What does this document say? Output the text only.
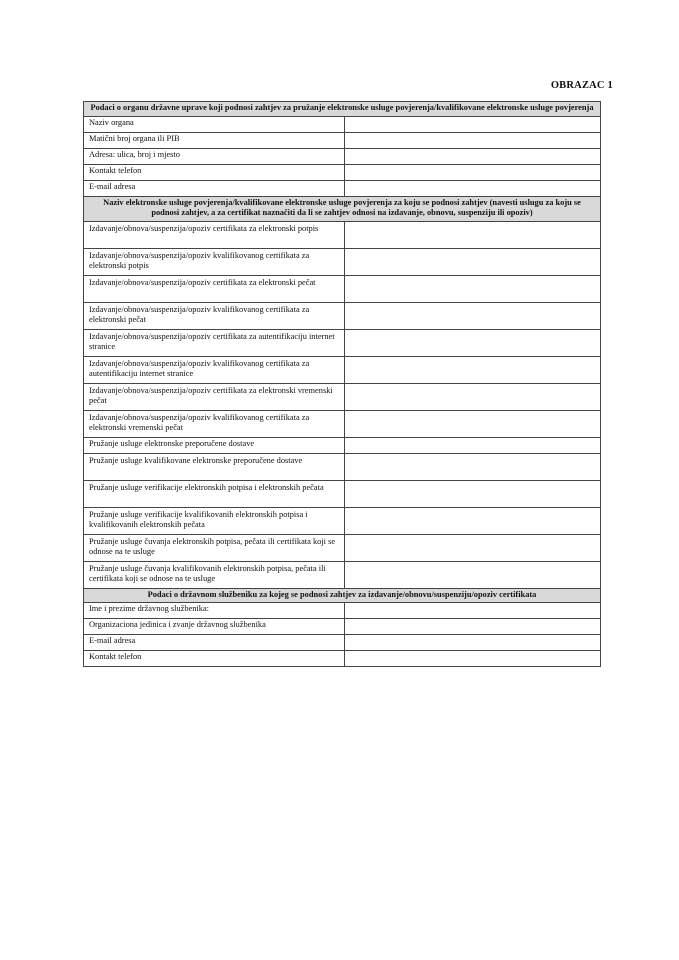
OBRAZAC 1
Podaci o organu državne uprave koji podnosi zahtjev za pružanje elektronske usluge povjerenja/kvalifikovane elektronske usluge povjerenja	
Naziv organa	
Matični broj organa ili PIB	
Adresa: ulica, broj i mjesto	
Kontakt telefon	
E-mail adresa	
Naziv elektronske usluge povjerenja/kvalifikovane elektronske usluge povjerenja za koju se podnosi zahtjev (navesti uslugu za koju se podnosi zahtjev, a za certifikat naznačiti da li se zahtjev odnosi na izdavanje, obnovu, suspenziju ili opoziv)	
Izdavanje/obnova/suspenzija/opoziv certifikata za elektronski potpis	
Izdavanje/obnova/suspenzija/opoziv kvalifikovanog certifikata za elektronski potpis	
Izdavanje/obnova/suspenzija/opoziv certifikata za elektronski pečat	
Izdavanje/obnova/suspenzija/opoziv kvalifikovanog certifikata za elektronski pečat	
Izdavanje/obnova/suspenzija/opoziv certifikata za autentifikaciju internet stranice	
Izdavanje/obnova/suspenzija/opoziv kvalifikovanog certifikata za autentifikaciju internet stranice	
Izdavanje/obnova/suspenzija/opoziv certifikata za elektronski vremenski pečat	
Izdavanje/obnova/suspenzija/opoziv kvalifikovanog certifikata za elektronski vremenski pečat	
Pružanje usluge elektronske preporučene dostave	
Pružanje usluge kvalifikovane elektronske preporučene dostave	
Pružanje usluge verifikacije elektronskih potpisa i elektronskih pečata	
Pružanje usluge verifikacije kvalifikovanih elektronskih potpisa i kvalifikovanih elektronskih pečata	
Pružanje usluge čuvanja elektronskih potpisa, pečata ili certifikata koji se odnose na te usluge	
Pružanje usluge čuvanja kvalifikovanih elektronskih potpisa, pečata ili certifikata koji se odnose na te usluge	
Podaci o državnom službeniku za kojeg se podnosi zahtjev za izdavanje/obnovu/suspenziju/opoziv certifikata	
Ime i prezime državnog službenika:	
Organizaciona jedinica i zvanje državnog službenika	
E-mail adresa	
Kontakt telefon	
